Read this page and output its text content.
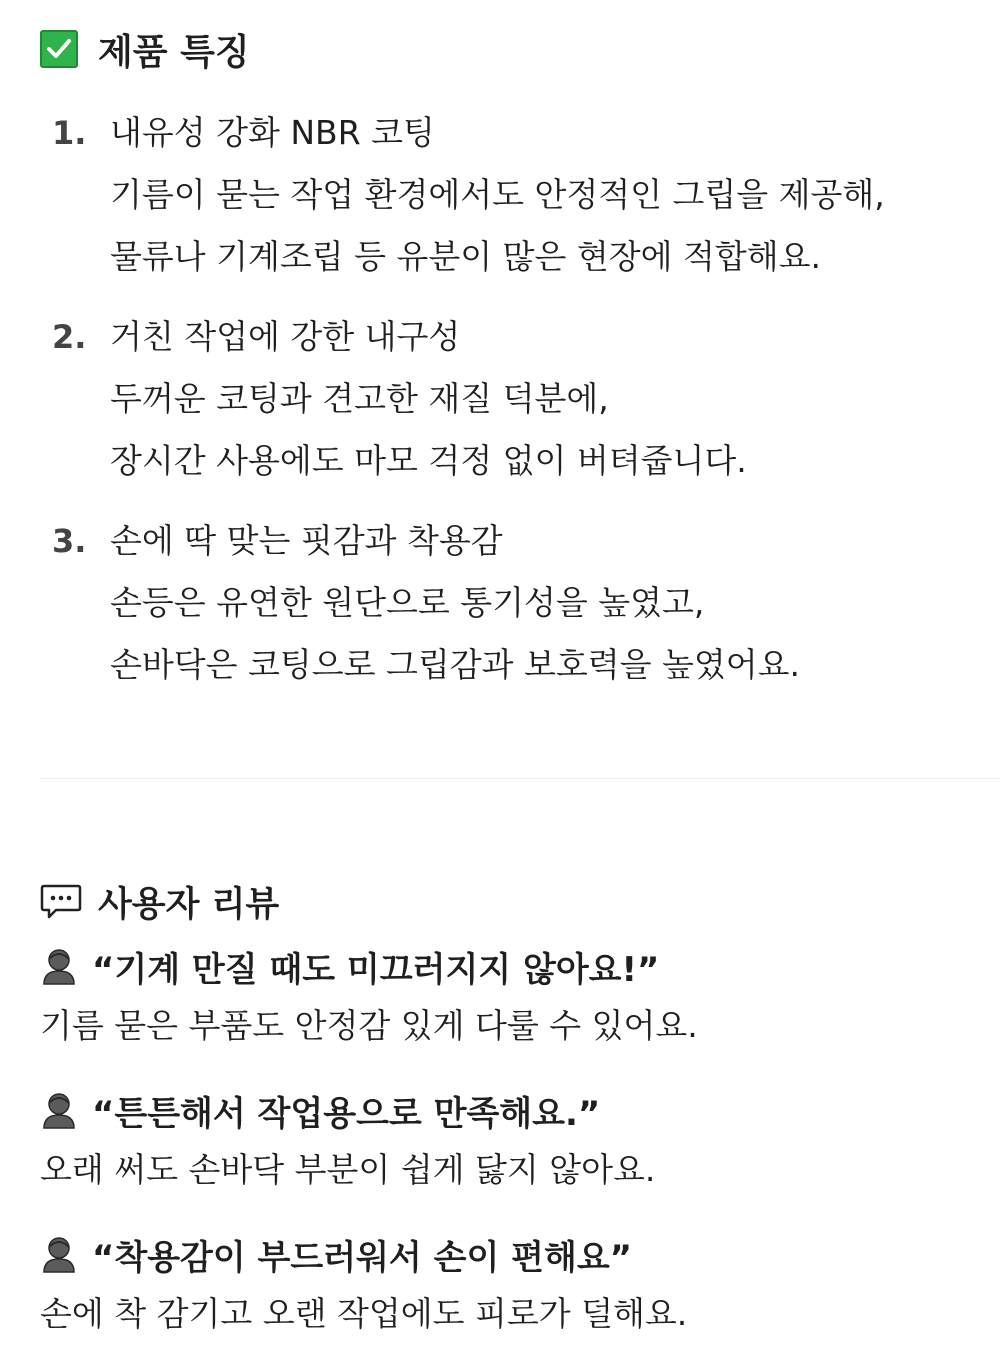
제품 특징
1. 내유성 강화 NBR 코팅
기름이 묻는 작업 환경에서도 안정적인 그립을 제공해,
물류나 기계조립 등 유분이 많은 현장에 적합해요.
2. 거친 작업에 강한 내구성
두꺼운 코팅과 견고한 재질 덕분에,
장시간 사용에도 마모 걱정 없이 버텨줍니다.
3. 손에 딱 맞는 핏감과 착용감
손등은 유연한 원단으로 통기성을 높였고,
손바닥은 코팅으로 그립감과 보호력을 높였어요.
사용자 리뷰
“기계 만질 때도 미끄러지지 않아요!”
기름 묻은 부품도 안정감 있게 다룰 수 있어요.
“튼튼해서 작업용으로 만족해요.”
오래 써도 손바닥 부분이 쉽게 닳지 않아요.
“착용감이 부드러워서 손이 편해요”
손에 착 감기고 오랜 작업에도 피로가 덜해요.
